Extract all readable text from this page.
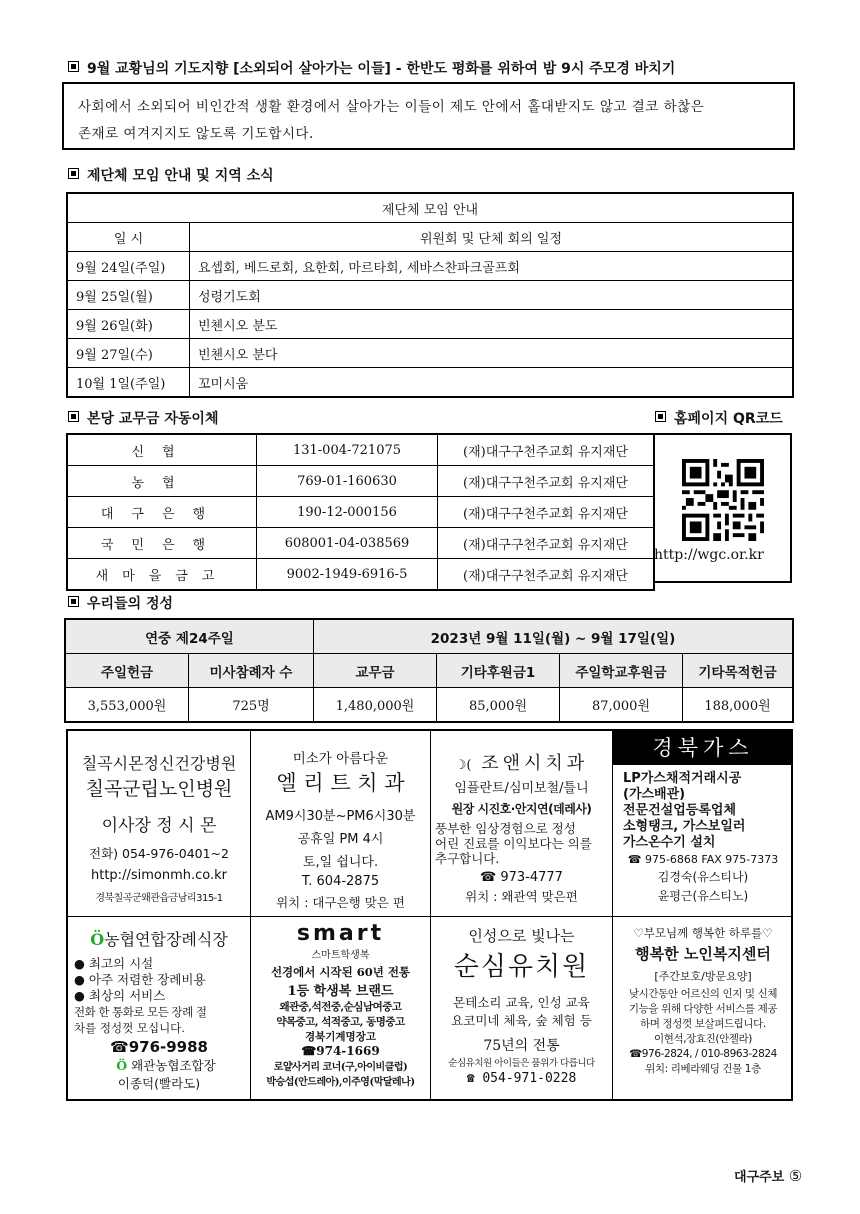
9월 교황님의 기도지향 [소외되어 살아가는 이들] - 한반도 평화를 위하여 밤 9시 주모경 바치기
사회에서 소외되어 비인간적 생활 환경에서 살아가는 이들이 제도 안에서 홀대받지도 않고 결코 하찮은
존재로 여겨지지도 않도록 기도합시다.
제단체 모임 안내 및 지역 소식
제단체 모임 안내	
일 시	위원회 및 단체 회의 일정
9월 24일(주일)	요셉회, 베드로회, 요한회, 마르타회, 세바스찬파크골프회
9월 25일(월)	성령기도회
9월 26일(화)	빈첸시오 분도
9월 27일(수)	빈첸시오 분다
10월 1일(주일)	꼬미시움
본당 교무금 자동이체	홈페이지 QR코드
신협	131-004-721075	(재)대구구천주교회 유지재단
농협	769-01-160630	(재)대구구천주교회 유지재단
대구은행	190-12-000156	(재)대구구천주교회 유지재단
국민은행	608001-04-038569	(재)대구구천주교회 유지재단
새마을금고	9002-1949-6916-5	(재)대구구천주교회 유지재단
http://wgc.or.kr
우리들의 정성
연중 제24주일		2023년 9월 11일(월) ~ 9월 17일(일)			
주일헌금	미사참례자 수	교무금	기타후원금1	주일학교후원금	기타목적헌금
3,553,000원	725명	1,480,000원	85,000원	87,000원	188,000원
칠곡시몬정신건강병원
칠곡군립노인병원
이사장 정 시 몬
전화) 054-976-0401~2
http://simonmh.co.kr
경북칠곡군왜관읍금남리315-1
미소가 아름다운
엘 리 트 치 과
AM9시30분~PM6시30분
공휴일 PM 4시
토,일 쉽니다.
T. 604-2875
위치 : 대구은행 맞은 편
☽( 조앤시치과
임플란트/심미보철/틀니
원장 시진호·안지연(데레사)
풍부한 임상경험으로 정성
어린 진료를 이익보다는 의를
추구합니다.
☎ 973-4777
위치 : 왜관역 맞은편
경북가스
LP가스채적거래시공
(가스배관)
전문건설업등록업체
소형탱크, 가스보일러
가스온수기 설치
☎ 975-6868 FAX 975-7373
김경숙(유스티나)
윤평근(유스티노)
Ö농협연합장례식장
● 최고의 시설
● 아주 저렴한 장례비용
● 최상의 서비스
전화 한 통화로 모든 장례 절
차를 정성껏 모십니다.
☎976-9988
Ö 왜관농협조합장
이종덕(빨라도)
smart
스마트학생복
선경에서 시작된 60년 전통
1등 학생복 브랜드
왜관중,석전중,순심남여중고
약목중고, 석적중고, 동명중고
경북기계명장고
☎974-1669
로얄사거리 코너(구,아이비클럽)
박승섭(안드레아),이주영(막달레나)
인성으로 빛나는
순심유치원
몬테소리 교육, 인성 교육
요코미네 체육, 숲 체험 등
75년의 전통
순심유치원 아이들은 품위가 다릅니다
☎ 054-971-0228
♡부모님께 행복한 하루를♡
행복한 노인복지센터
[주간보호/방문요양]
낮시간동안 어르신의 인지 및 신체
기능을 위해 다양한 서비스를 제공
하며 정성껏 보살펴드립니다.
이현석,장효진(안젤라)
☎976-2824, / 010-8963-2824
위치: 리베라웨딩 건물 1층
대구주보 ⑤
